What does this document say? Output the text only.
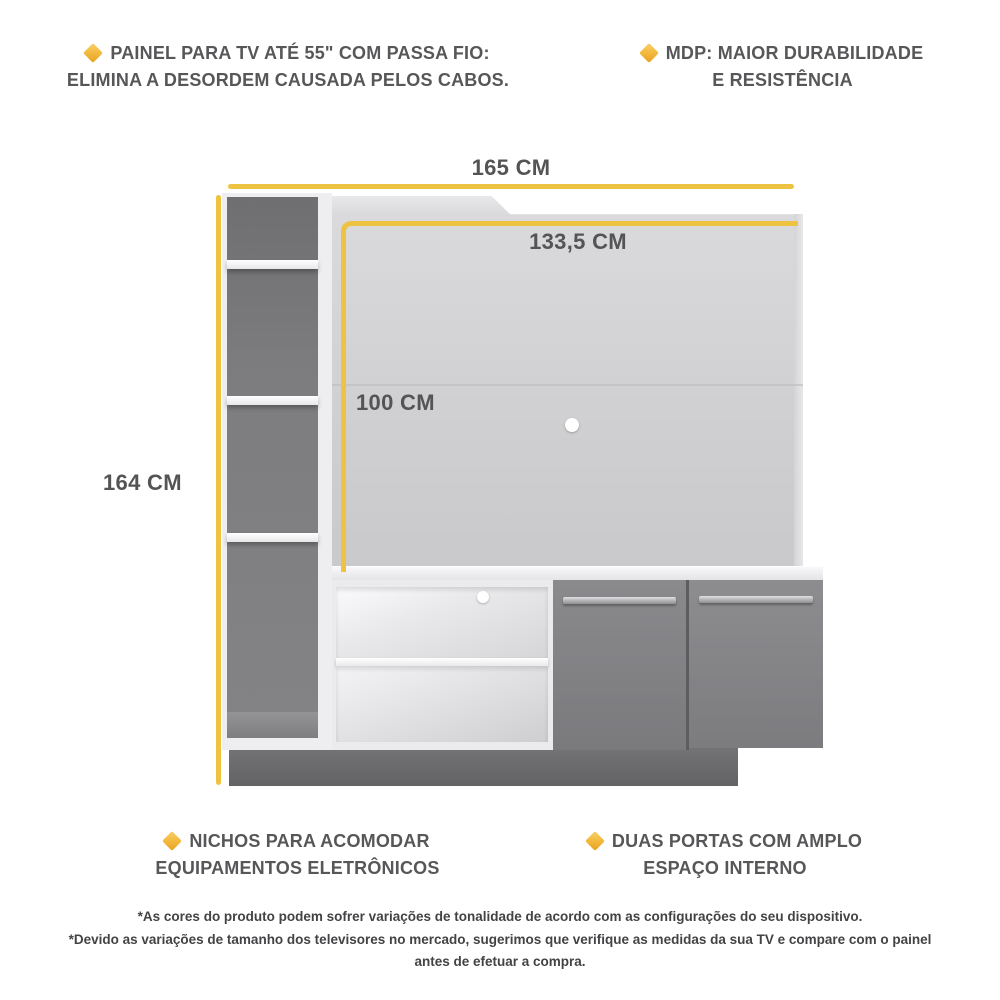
PAINEL PARA TV ATÉ 55" COM PASSA FIO:
ELIMINA A DESORDEM CAUSADA PELOS CABOS.
MDP: MAIOR DURABILIDADE
E RESISTÊNCIA
165 CM
133,5 CM
100 CM
164 CM
NICHOS PARA ACOMODAR
EQUIPAMENTOS ELETRÔNICOS
DUAS PORTAS COM AMPLO
ESPAÇO INTERNO
*As cores do produto podem sofrer variações de tonalidade de acordo com as configurações do seu dispositivo.
*Devido as variações de tamanho dos televisores no mercado, sugerimos que verifique as medidas da sua TV e compare com o painel
antes de efetuar a compra.
